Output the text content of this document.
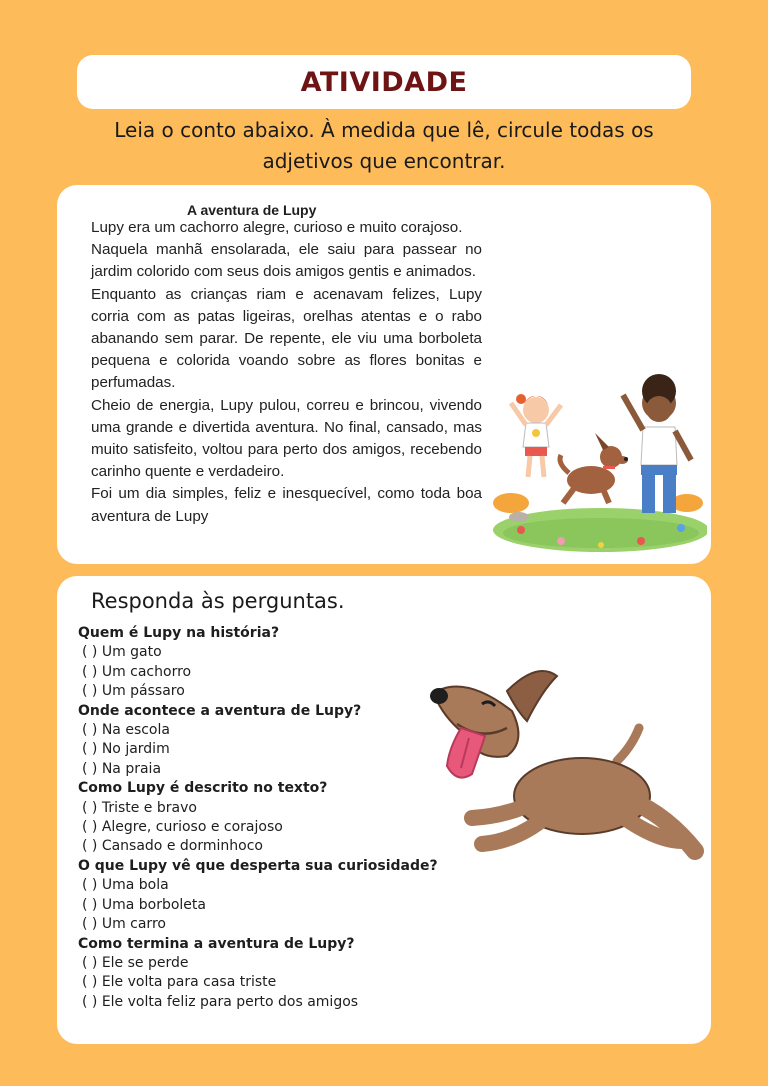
ATIVIDADE
Leia o conto abaixo. À medida que lê, circule todas os adjetivos que encontrar.
A aventura de Lupy

Lupy era um cachorro alegre, curioso e muito corajoso.

Naquela manhã ensolarada, ele saiu para passear no jardim colorido com seus dois amigos gentis e animados.

Enquanto as crianças riam e acenavam felizes, Lupy corria com as patas ligeiras, orelhas atentas e o rabo abanando sem parar. De repente, ele viu uma borboleta pequena e colorida voando sobre as flores bonitas e perfumadas.

Cheio de energia, Lupy pulou, correu e brincou, vivendo uma grande e divertida aventura. No final, cansado, mas muito satisfeito, voltou para perto dos amigos, recebendo carinho quente e verdadeiro.

Foi um dia simples, feliz e inesquecível, como toda boa aventura de Lupy

Responda às perguntas.
Quem é Lupy na história?
( ) Um gato
( ) Um cachorro
( ) Um pássaro
Onde acontece a aventura de Lupy?
( ) Na escola
( ) No jardim
( ) Na praia
Como Lupy é descrito no texto?
( ) Triste e bravo
( ) Alegre, curioso e corajoso
( ) Cansado e dorminhoco
O que Lupy vê que desperta sua curiosidade?
( ) Uma bola
( ) Uma borboleta
( ) Um carro
Como termina a aventura de Lupy?
( ) Ele se perde
( ) Ele volta para casa triste
( ) Ele volta feliz para perto dos amigos
